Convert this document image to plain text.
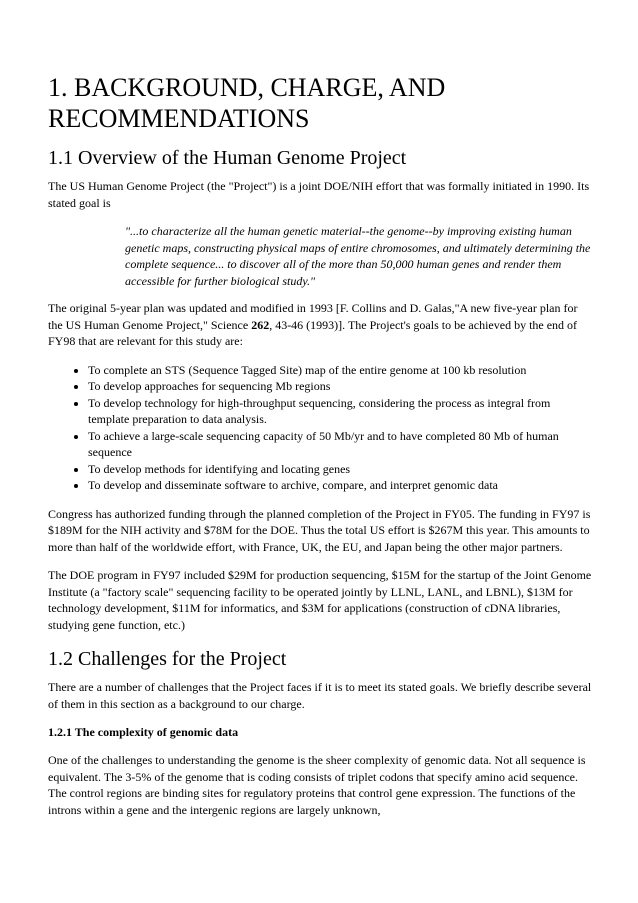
1. BACKGROUND, CHARGE, AND RECOMMENDATIONS
1.1 Overview of the Human Genome Project

The US Human Genome Project (the "Project") is a joint DOE/NIH effort that was formally initiated in 1990. Its stated goal is

"...to characterize all the human genetic material--the genome--by improving existing human genetic maps, constructing physical maps of entire chromosomes, and ultimately determining the complete sequence... to discover all of the more than 50,000 human genes and render them accessible for further biological study."

The original 5-year plan was updated and modified in 1993 [F. Collins and D. Galas,"A new five-year plan for the US Human Genome Project," Science 262, 43-46 (1993)]. The Project's goals to be achieved by the end of FY98 that are relevant for this study are:

• To complete an STS (Sequence Tagged Site) map of the entire genome at 100 kb resolution
• To develop approaches for sequencing Mb regions
• To develop technology for high-throughput sequencing, considering the process as integral from template preparation to data analysis.
• To achieve a large-scale sequencing capacity of 50 Mb/yr and to have completed 80 Mb of human sequence
• To develop methods for identifying and locating genes
• To develop and disseminate software to archive, compare, and interpret genomic data

Congress has authorized funding through the planned completion of the Project in FY05. The funding in FY97 is $189M for the NIH activity and $78M for the DOE. Thus the total US effort is $267M this year. This amounts to more than half of the worldwide effort, with France, UK, the EU, and Japan being the other major partners.

The DOE program in FY97 included $29M for production sequencing, $15M for the startup of the Joint Genome Institute (a "factory scale" sequencing facility to be operated jointly by LLNL, LANL, and LBNL), $13M for technology development, $11M for informatics, and $3M for applications (construction of cDNA libraries, studying gene function, etc.)

1.2 Challenges for the Project

There are a number of challenges that the Project faces if it is to meet its stated goals. We briefly describe several of them in this section as a background to our charge.

1.2.1 The complexity of genomic data

One of the challenges to understanding the genome is the sheer complexity of genomic data. Not all sequence is equivalent. The 3-5% of the genome that is coding consists of triplet codons that specify amino acid sequence. The control regions are binding sites for regulatory proteins that control gene expression. The functions of the introns within a gene and the intergenic regions are largely unknown,
